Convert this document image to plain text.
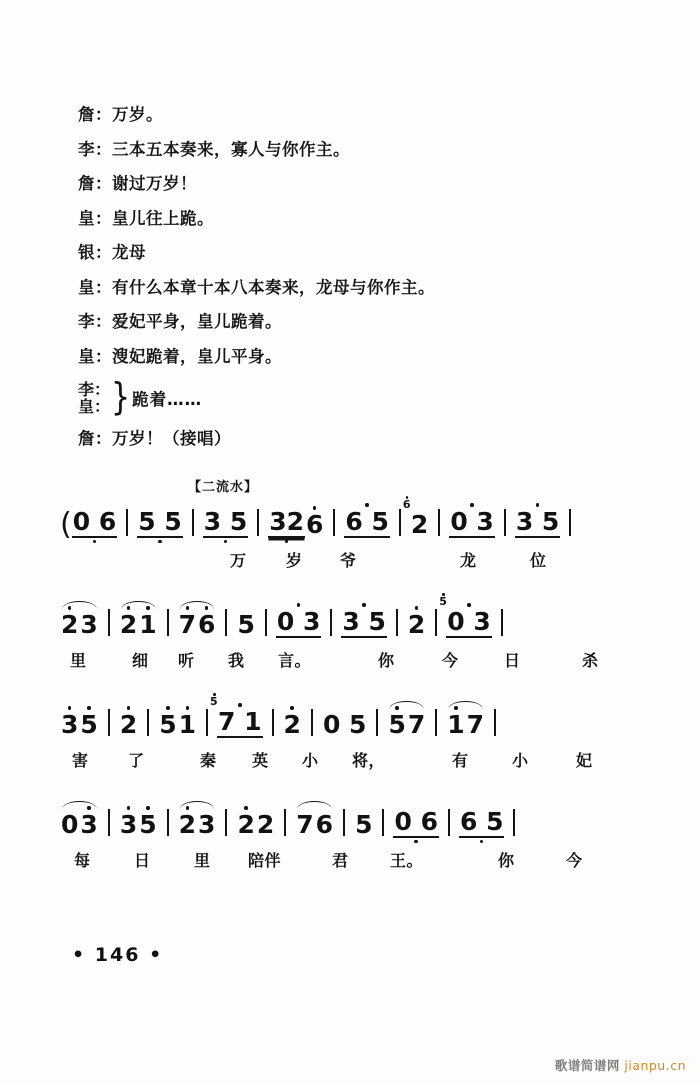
詹： 万岁。
李： 三本五本奏来，寡人与你作主。
詹： 谢过万岁！
皇： 皇儿往上跪。
银： 龙母
皇： 有什么本章十本八本奏来，龙母与你作主。
李： 爱妃平身，皇儿跪着。
皇： 溲妃跪着，皇儿平身。
李：
皇： } 跪着……
詹： 万岁！（接唱）
【二流水】
( 0 6 5 5 3 5 32 6 6 5
6
2 0 3 3 5
万 岁 爷	龙	位
2 3 2 1 7 6 5 0 3 3 5 2
5
0 3
里	细 听 我 言。	你	今	日	杀
3 5 2 5 1
5
7 1 2 0 5 5 7 1 7
害 了	秦 英 小 将，	有	小	妃
0 3 3 5 2 3 2 2 7 6 5 0 6 6 5
每	日	里 陪伴	君	王。	你	今
• 146 •
歌谱简谱网 jianpu.cn
